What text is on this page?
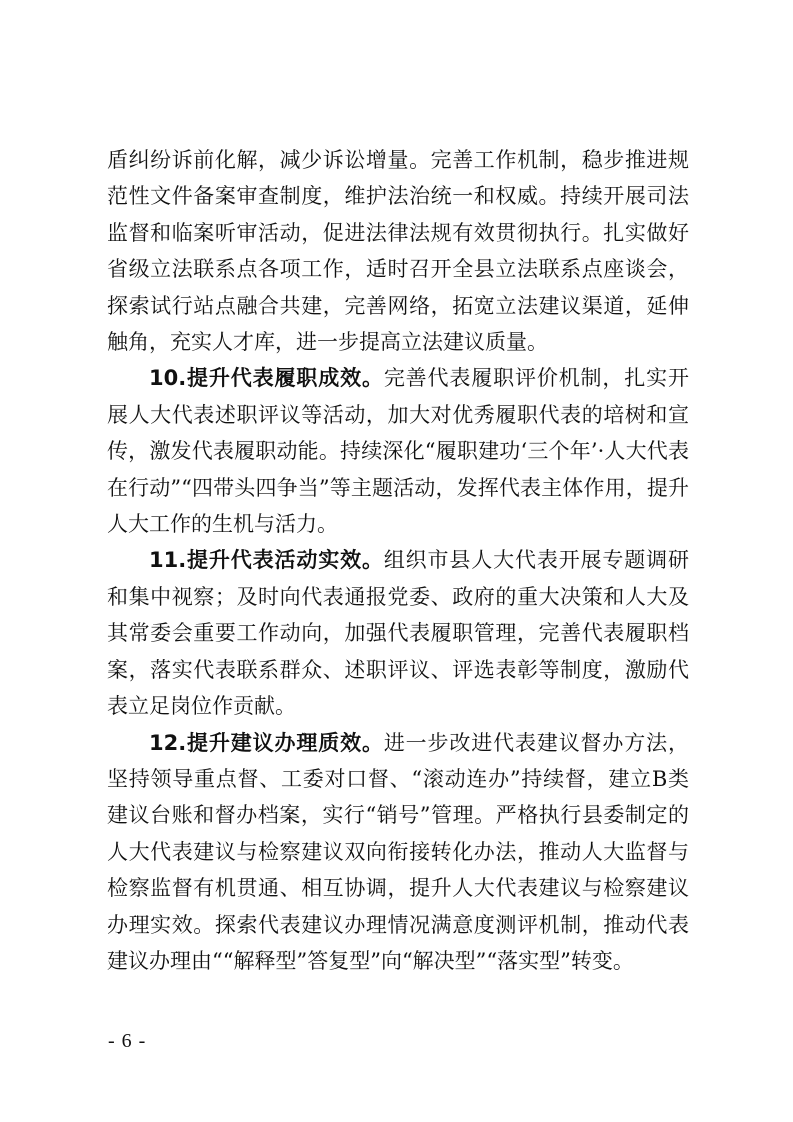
盾纠纷诉前化解，减少诉讼增量。完善工作机制，稳步推进规范性文件备案审查制度，维护法治统一和权威。持续开展司法监督和临案听审活动，促进法律法规有效贯彻执行。扎实做好省级立法联系点各项工作，适时召开全县立法联系点座谈会，探索试行站点融合共建，完善网络，拓宽立法建议渠道，延伸触角，充实人才库，进一步提高立法建议质量。

10.提升代表履职成效。完善代表履职评价机制，扎实开展人大代表述职评议等活动，加大对优秀履职代表的培树和宣传，激发代表履职动能。持续深化“履职建功‘三个年’·人大代表在行动”“四带头四争当”等主题活动，发挥代表主体作用，提升人大工作的生机与活力。

11.提升代表活动实效。组织市县人大代表开展专题调研和集中视察；及时向代表通报党委、政府的重大决策和人大及其常委会重要工作动向，加强代表履职管理，完善代表履职档案，落实代表联系群众、述职评议、评选表彰等制度，激励代表立足岗位作贡献。

12.提升建议办理质效。进一步改进代表建议督办方法，坚持领导重点督、工委对口督、“滚动连办”持续督，建立B类建议台账和督办档案，实行“销号”管理。严格执行县委制定的人大代表建议与检察建议双向衔接转化办法，推动人大监督与检察监督有机贯通、相互协调，提升人大代表建议与检察建议办理实效。探索代表建议办理情况满意度测评机制，推动代表建议办理由““解释型”答复型”向“解决型”“落实型”转变。

- 6 -
